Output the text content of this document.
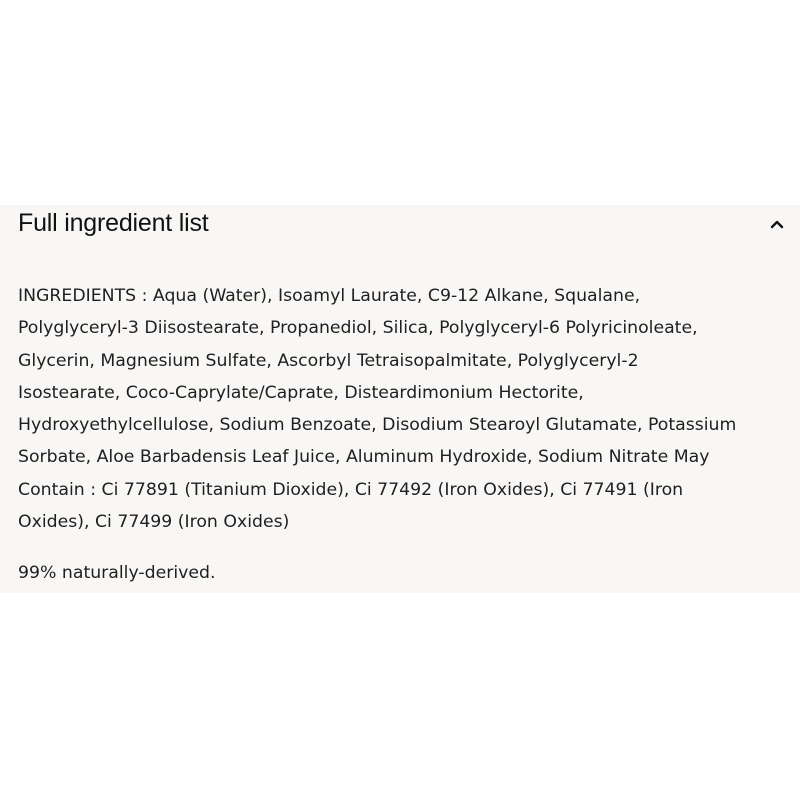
Full ingredient list

INGREDIENTS : Aqua (Water), Isoamyl Laurate, C9-12 Alkane, Squalane,
Polyglyceryl-3 Diisostearate, Propanediol, Silica, Polyglyceryl-6 Polyricinoleate,
Glycerin, Magnesium Sulfate, Ascorbyl Tetraisopalmitate, Polyglyceryl-2
Isostearate, Coco-Caprylate/Caprate, Disteardimonium Hectorite,
Hydroxyethylcellulose, Sodium Benzoate, Disodium Stearoyl Glutamate, Potassium
Sorbate, Aloe Barbadensis Leaf Juice, Aluminum Hydroxide, Sodium Nitrate May
Contain : Ci 77891 (Titanium Dioxide), Ci 77492 (Iron Oxides), Ci 77491 (Iron
Oxides), Ci 77499 (Iron Oxides)

99% naturally-derived.
